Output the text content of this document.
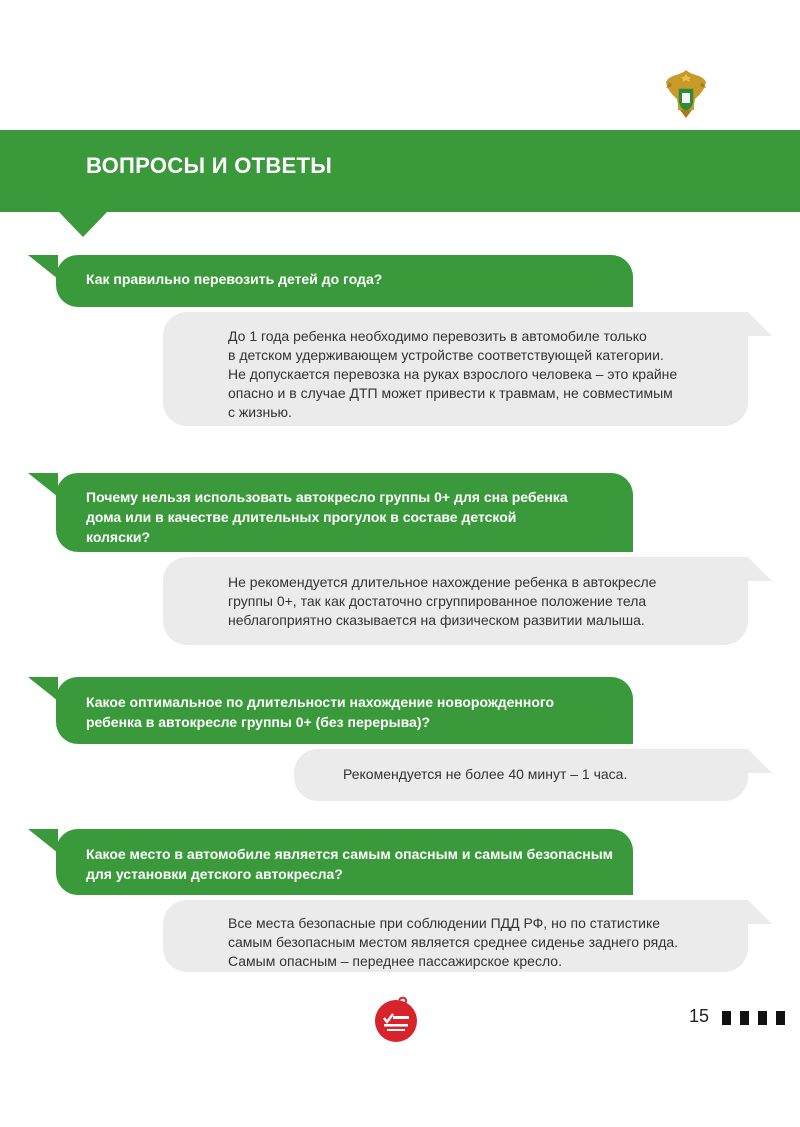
ВОПРОСЫ И ОТВЕТЫ

Как правильно перевозить детей до года?

До 1 года ребенка необходимо перевозить в автомобиле только
в детском удерживающем устройстве соответствующей категории.
Не допускается перевозка на руках взрослого человека – это крайне
опасно и в случае ДТП может привести к травмам, не совместимым
с жизнью.

Почему нельзя использовать автокресло группы 0+ для сна ребенка
дома или в качестве длительных прогулок в составе детской
коляски?

Не рекомендуется длительное нахождение ребенка в автокресле
группы 0+, так как достаточно сгруппированное положение тела
неблагоприятно сказывается на физическом развитии малыша.

Какое оптимальное по длительности нахождение новорожденного
ребенка в автокресле группы 0+ (без перерыва)?

Рекомендуется не более 40 минут – 1 часа.

Какое место в автомобиле является самым опасным и самым безопасным
для установки детского автокресла?

Все места безопасные при соблюдении ПДД РФ, но по статистике
самым безопасным местом является среднее сиденье заднего ряда.
Самым опасным – переднее пассажирское кресло.

15
